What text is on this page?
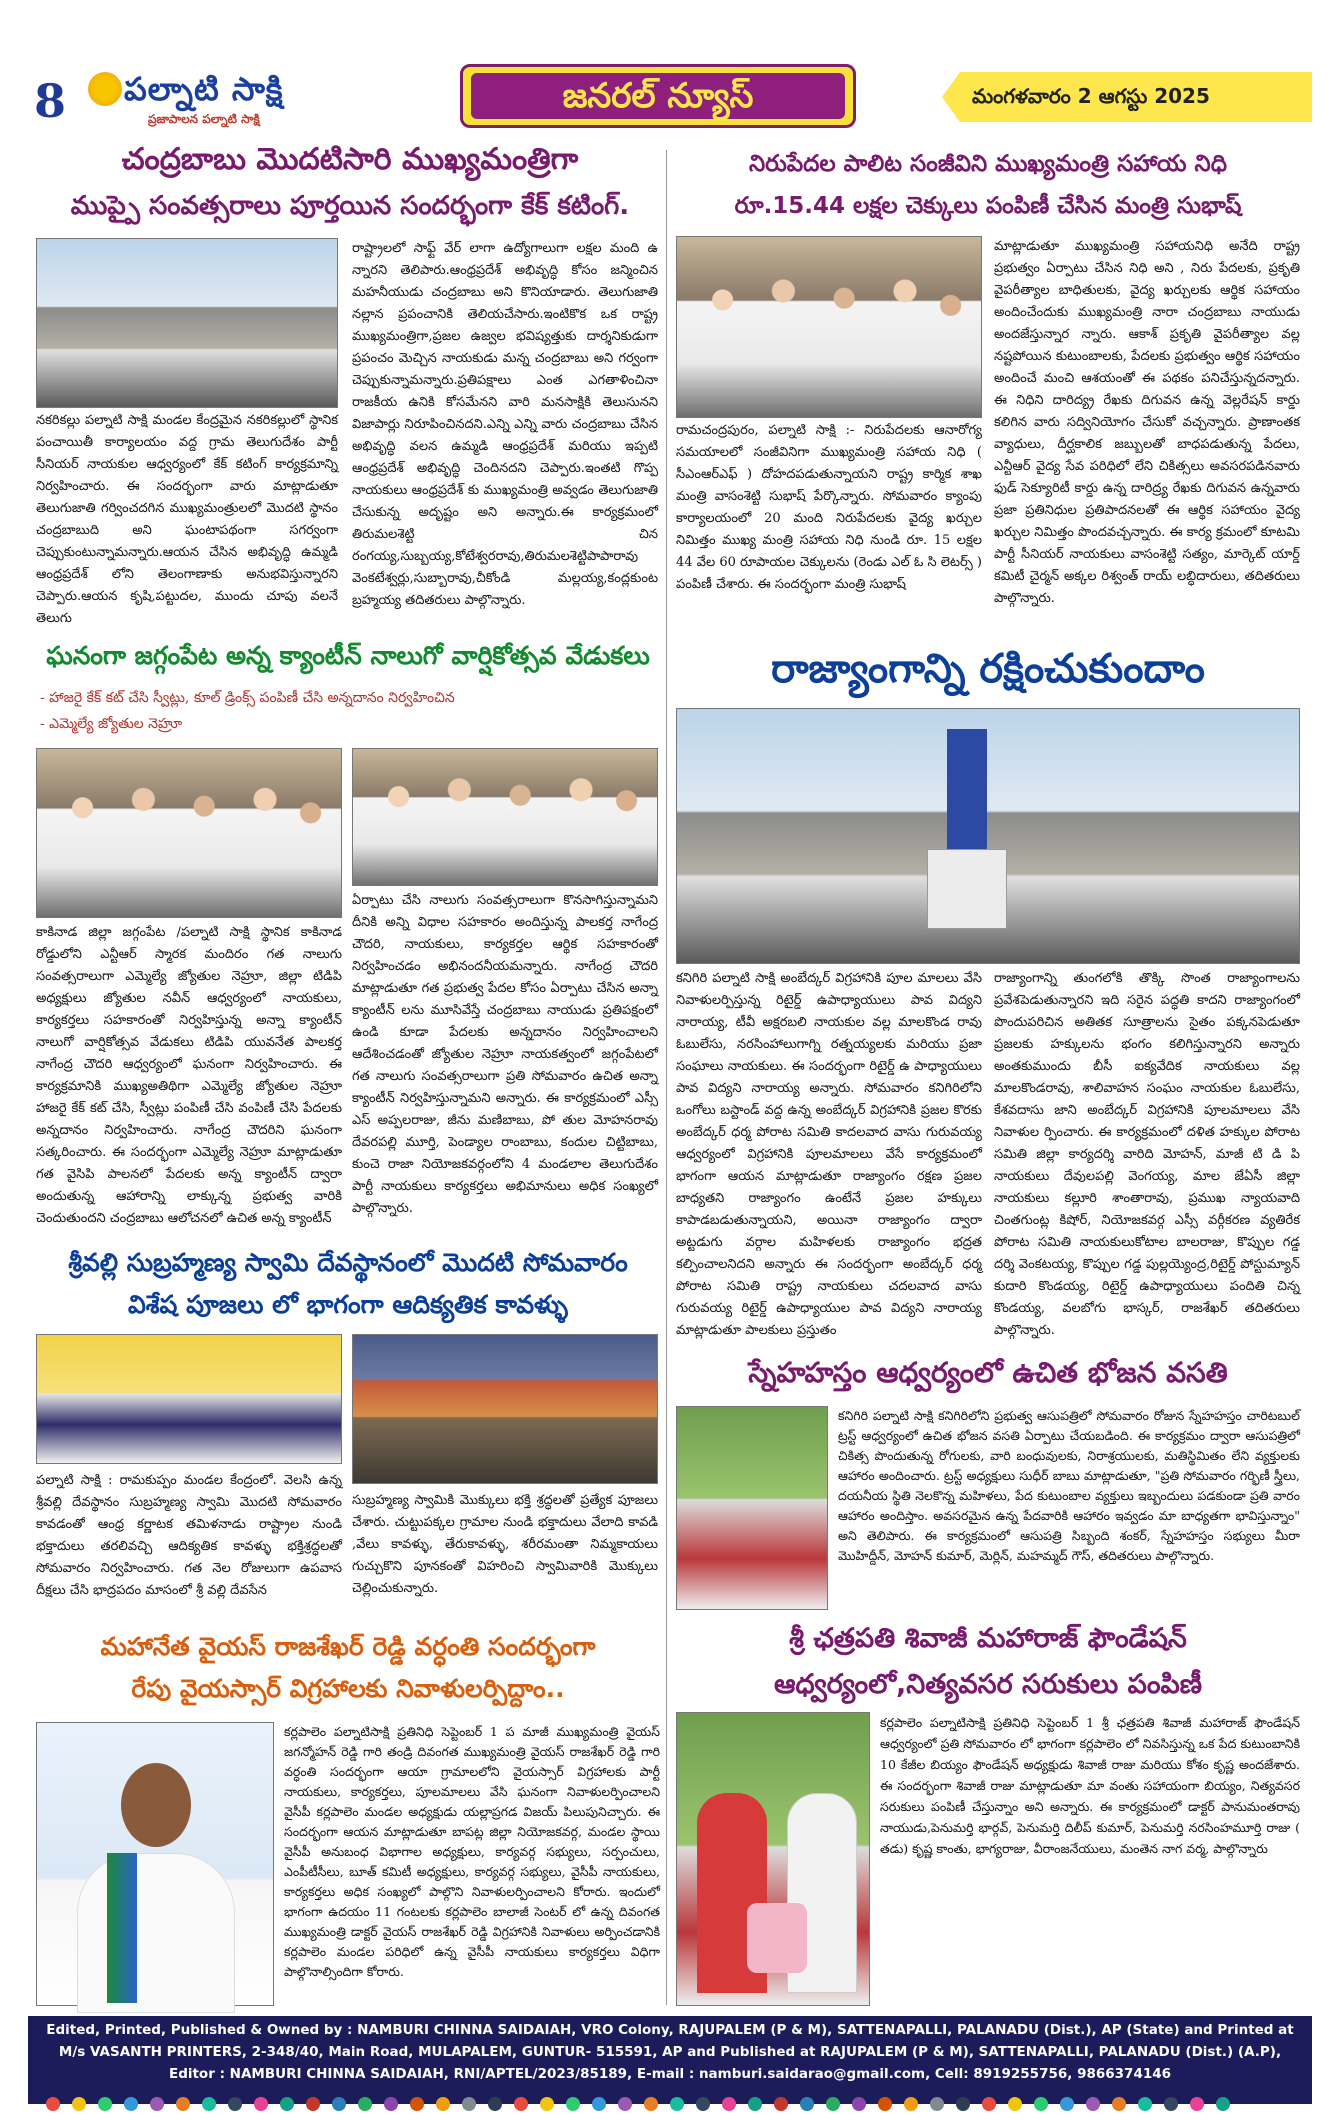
8 పల్నాటి సాక్షి
ప్రజాపాలన పల్నాటి సాక్షి
జనరల్ న్యూస్	మంగళవారం 2 ఆగస్టు 2025
చంద్రబాబు మొదటిసారి ముఖ్యమంత్రిగా
ముప్పై సంవత్సరాలు పూర్తయిన సందర్భంగా కేక్ కటింగ్.
నకరికల్లు పల్నాటి సాక్షి మండల కేంద్రమైన నకరికల్లులో స్థానిక పంచాయితీ కార్యాలయం వద్ద గ్రామ తెలుగుదేశం పార్టీ సీనియర్ నాయకుల ఆధ్వర్యంలో కేక్ కటింగ్ కార్యక్రమాన్ని నిర్వహించారు. ఈ సందర్భంగా వారు మాట్లాడుతూ తెలుగుజాతి గర్వించదగిన ముఖ్యమంత్రులలో మొదటి స్థానం చంద్రబాబుది అని ఘంటాపథంగా సగర్వంగా చెప్పుకుంటున్నామన్నారు.ఆయన చేసిన అభివృద్ధి ఉమ్మడి ఆంధ్రప్రదేశ్ లోని తెలంగాణాకు అనుభవిస్తున్నారని చెప్పారు.ఆయన కృషి,పట్టుదల, ముందు చూపు వలనే తెలుగు
రాష్ట్రాలలో సాఫ్ట్ వేర్ లాగా ఉద్యోగాలుగా లక్షల మంది ఉ న్నారని తెలిపారు.ఆంధ్రప్రదేశ్ అభివృద్ధి కోసం జన్మించిన మహనీయుడు చంద్రబాబు అని కొనియాడారు. తెలుగుజాతి నల్లాన ప్రపంచానికి తెలియచేసారు.ఇంటికొక ఒక రాష్ట్ర ముఖ్యమంత్రిగా,ప్రజల ఉజ్వల భవిష్యత్తుకు దార్శనికుడుగా ప్రపంచం మెచ్చిన నాయకుడు మన్న చంద్రబాబు అని గర్వంగా చెప్పుకున్నామన్నారు.ప్రతిపక్షాలు ఎంత ఎగతాళించినా రాజకీయ ఉనికి కోసమేనని వారి మనసాక్షికి తెలుసునని విజాపార్లు నిరూపించినదని.ఎన్ని ఎన్ని వారు చంద్రబాబు చేసిన అభివృద్ధి వలన ఉమ్మడి ఆంధ్రప్రదేశ్ మరియు ఇప్పటి ఆంధ్రప్రదేశ్ అభివృద్ధి చెందినదని చెప్పారు.ఇంతటి గొప్ప నాయకులు ఆంధ్రప్రదేశ్ కు ముఖ్యమంత్రి అవ్వడం తెలుగుజాతి చేసుకున్న అదృష్టం అని అన్నారు.ఈ కార్యక్రమంలో తిరుమలశెట్టి చిన రంగయ్య,సుబ్బయ్య,కోటేశ్వరరావు,తిరుమలశెట్టిపాపారావు వెంకటేశ్వర్లు,సుబ్బారావు,చీకోండి మల్లయ్య,కంద్లకుంట బ్రహ్మయ్య తదితరులు పాల్గొన్నారు.
ఘనంగా జగ్గంపేట అన్న క్యాంటీన్ నాలుగో వార్షికోత్సవ వేడుకలు
- హాజరై కేక్ కట్ చేసి స్వీట్లు, కూల్ డ్రింక్స్ పంపిణీ చేసి అన్నదానం నిర్వహించిన
- ఎమ్మెల్యే జ్యోతుల నెహ్రూ
కాకినాడ జిల్లా జగ్గంపేట /పల్నాటి సాక్షి స్థానిక కాకినాడ రోడ్డులోని ఎన్టీఆర్ స్మారక మందిరం గత నాలుగు సంవత్సరాలుగా ఎమ్మెల్యే జ్యోతుల నెహ్రూ, జిల్లా టిడిపి అధ్యక్షులు జ్యోతుల నవీన్ ఆధ్వర్యంలో నాయకులు, కార్యకర్తలు సహకారంతో నిర్వహిస్తున్న అన్నా క్యాంటీన్ నాలుగో వార్షికోత్సవ వేడుకలు టిడిపి యువనేత పాలకర్త నాగేంద్ర చౌదరి ఆధ్వర్యంలో ఘనంగా నిర్వహించారు. ఈ కార్యక్రమానికి ముఖ్యఅతిథిగా ఎమ్మెల్యే జ్యోతుల నెహ్రూ హాజరై కేక్ కట్ చేసి, స్వీట్లు పంపిణీ చేసి వంపిణీ చేసి పేదలకు అన్నదానం నిర్వహించారు. నాగేంద్ర చౌదరిని ఘనంగా సత్కరించారు. ఈ సందర్భంగా ఎమ్మెల్యే నెహ్రూ మాట్లాడుతూ గత వైసిపి పాలనలో పేదలకు అన్న క్యాంటీన్ ద్వారా అందుతున్న ఆహారాన్ని లాక్కున్న ప్రభుత్వ వారికి చెందుతుందని చంద్రబాబు ఆలోచనలో ఉచిత అన్న క్యాంటీన్
ఏర్పాటు చేసి నాలుగు సంవత్సరాలుగా కొనసాగిస్తున్నామని దీనికి అన్ని విధాల సహకారం అందిస్తున్న పాలకర్త నాగేంద్ర చౌదరి, నాయకులు, కార్యకర్తల ఆర్థిక సహకారంతో నిర్వహించడం అభినందనీయమన్నారు. నాగేంద్ర చౌదరి మాట్లాడుతూ గత ప్రభుత్వ పేదల కోసం ఏర్పాటు చేసిన అన్నా క్యాంటీన్ లను మూసివేస్తే చంద్రబాబు నాయుడు ప్రతిపక్షంలో ఉండి కూడా పేదలకు అన్నదానం నిర్వహించాలని ఆదేశించడంతో జ్యోతుల నెహ్రూ నాయకత్వంలో జగ్గంపేటలో గత నాలుగు సంవత్సరాలుగా ప్రతి సోమవారం ఉచిత అన్నా క్యాంటీన్ నిర్వహిస్తున్నామని అన్నారు. ఈ కార్యక్రమంలో ఎస్సీ ఎస్ అప్పలరాజు, జీను మణిబాబు, పో తుల మోహనరావు దేవరపల్లి మూర్తి, పెండ్యాల రాంబాబు, కందుల చిట్టిబాబు, కుంచె రాజా నియోజకవర్గంలోని 4 మండలాల తెలుగుదేశం పార్టీ నాయకులు కార్యకర్తలు అభిమానులు అధిక సంఖ్యలో పాల్గొన్నారు.
శ్రీవల్లి సుబ్రహ్మణ్య స్వామి దేవస్థానంలో మొదటి సోమవారం
విశేష పూజలు లో భాగంగా ఆదిక్యతిక కావళ్ళు
పల్నాటి సాక్షి : రామకుప్పం మండల కేంద్రంలో. వెలసి ఉన్న శ్రీవల్లి దేవస్థానం సుబ్రహ్మణ్య స్వామి మొదటి సోమవారం కావడంతో ఆంధ్ర కర్ణాటక తమిళనాడు రాష్ట్రాల నుండి భక్తాదులు తరలివచ్చి ఆదిక్యతిక కావళ్ళు భక్తిశ్రద్ధలతో సోమవారం నిర్వహించారు. గత నెల రోజులుగా ఉపవాస దీక్షలు చేసి భాద్రపదం మాసంలో శ్రీ వల్లి దేవసేన
సుబ్రహ్మణ్య స్వామికి మొక్కులు భక్తి శ్రద్ధలతో ప్రత్యేక పూజలు చేశారు. చుట్టుపక్కల గ్రామాల నుండి భక్తాదులు వేలాది కావడి ,వేలు కావళ్ళు, తేరుకావళ్ళు, శరీరమంతా నిమ్మకాయలు గుచ్చుకొని పూనకంతో విహరించి స్వామివారికి మొక్కులు చెల్లించుకున్నారు.
మహానేత వైయస్ రాజశేఖర్ రెడ్డి వర్ధంతి సందర్భంగా
రేపు వైయస్సార్ విగ్రహాలకు నివాళులర్పిద్దాం..
కర్లపాలెం పల్నాటిసాక్షి ప్రతినిధి సెప్టెంబర్ 1 ప మాజీ ముఖ్యమంత్రి వైయస్ జగన్మోహన్ రెడ్డి గారి తండ్రి దివంగత ముఖ్యమంత్రి వైయస్ రాజశేఖర్ రెడ్డి గారి వర్ధంతి సందర్భంగా ఆయా గ్రామాలలోని వైయస్సార్ విగ్రహాలకు పార్టీ నాయకులు, కార్యకర్తలు, పూలమాలలు వేసి ఘనంగా నివాళులర్పించాలని వైసీపీ కర్లపాలెం మండల అధ్యక్షుడు యల్లాప్రగడ విజయ్ పిలుపునిచ్చారు. ఈ సందర్భంగా ఆయన మాట్లాడుతూ బాపట్ల జిల్లా నియోజకవర్గ, మండల స్థాయి వైసీపీ అనుబంధ విభాగాల అధ్యక్షులు, కార్యవర్గ సభ్యులు, సర్పంచులు, ఎంపీటీసీలు, బూత్ కమిటీ అధ్యక్షులు, కార్యవర్గ సభ్యులు, వైసీపీ నాయకులు, కార్యకర్తలు అధిక సంఖ్యలో పాల్గొని నివాళులర్పించాలని కోరారు. ఇందులో భాగంగా ఉదయం 11 గంటలకు కర్లపాలెం బాలాజీ సెంటర్ లో ఉన్న దివంగత ముఖ్యమంత్రి డాక్టర్ వైయస్ రాజశేఖర్ రెడ్డి విగ్రహానికి నివాళులు అర్పించడానికి కర్లపాలెం మండల పరిధిలో ఉన్న వైసీపీ నాయకులు కార్యకర్తలు విధిగా పాల్గొనాల్సిందిగా కోరారు.
నిరుపేదల పాలిట సంజీవిని ముఖ్యమంత్రి సహాయ నిధి
రూ.15.44 లక్షల చెక్కులు పంపిణీ చేసిన మంత్రి సుభాష్
రామచంద్రపురం, పల్నాటి సాక్షి :- నిరుపేదలకు ఆనారోగ్య సమయాలలో సంజీవినిగా ముఖ్యమంత్రి సహాయ నిధి ( సీఎంఆర్ఎఫ్ ) దోహదపడుతున్నాయని రాష్ట్ర కార్మిక శాఖ మంత్రి వాసంశెట్టి సుభాష్ పేర్కొన్నారు. సోమవారం క్యాంపు కార్యాలయంలో 20 మంది నిరుపేదలకు వైద్య ఖర్చుల నిమిత్తం ముఖ్య మంత్రి సహాయ నిధి నుండి రూ. 15 లక్షల 44 వేల 60 రూపాయల చెక్కులను (రెండు ఎల్ ఓ సి లెటర్స్ ) పంపిణీ చేశారు. ఈ సందర్భంగా మంత్రి సుభాష్
మాట్లాడుతూ ముఖ్యమంత్రి సహాయనిధి అనేది రాష్ట్ర ప్రభుత్వం ఏర్పాటు చేసిన నిధి అని , నిరు పేదలకు, ప్రకృతి వైపరీత్యాల బాధితులకు, వైద్య ఖర్చులకు ఆర్థిక సహాయం అందించేందుకు ముఖ్యమంత్రి నారా చంద్రబాబు నాయుడు అందజేస్తున్నార న్నారు. ఆకాశ్ ప్రకృతి వైపరీత్యాల వల్ల నష్టపోయిన కుటుంబాలకు, పేదలకు ప్రభుత్వం ఆర్థిక సహాయం అందించే మంచి ఆశయంతో ఈ పథకం పనిచేస్తున్నదన్నారు. ఈ నిధిని దారిద్య్ర రేఖకు దిగువన ఉన్న వెల్లరేషన్ కార్డు కలిగిన వారు సద్వినియోగం చేసుకో వచ్చన్నారు. ప్రాణాంతక వ్యాధులు, దీర్ఘకాలిక జబ్బులతో బాధపడుతున్న పేదలు, ఎన్టీఆర్ వైద్య సేవ పరిధిలో లేని చికిత్సలు అవసరపడినవారు ఫుడ్ సెక్యూరిటీ కార్డు ఉన్న దారిద్ర్య రేఖకు దిగువన ఉన్నవారు ప్రజా ప్రతినిధుల ప్రతిపాదనలతో ఈ ఆర్థిక సహాయం వైద్య ఖర్చుల నిమిత్తం పొందవచ్చన్నారు. ఈ కార్య క్రమంలో కూటమి పార్టీ సీనియర్ నాయకులు వాసంశెట్టి సత్యం, మార్కెట్ యార్డ్ కమిటీ చైర్మన్ అక్కల రిశ్వంత్ రాయ్ లబ్ధిదారులు, తదితరులు పాల్గొన్నారు.
రాజ్యాంగాన్ని రక్షించుకుందాం
కనిగిరి పల్నాటి సాక్షి అంబేద్కర్ విగ్రహానికి పూల మాలలు వేసి నివాళులర్పిస్తున్న రిటైర్డ్ ఉపాధ్యాయులు పావ విద్యని నారాయ్య, టీవీ అక్షరబలి నాయకుల వల్ల మాలకొండ రావు ఓబులేసు, నరసింహాలుగాగ్ని రత్నయ్యలకు మరియు ప్రజా సంఘాలు నాయకులు. ఈ సందర్భంగా రిటైర్డ్ ఉ పాధ్యాయులు పావ విద్యని నారాయ్య అన్నారు. సోమవారం కనిగిరిలోని ఒంగోలు బస్టాండ్ వద్ద ఉన్న అంబేద్కర్ విగ్రహానికి ప్రజల కొరకు అంబేద్కర్ ధర్మ పోరాట సమితి కాదలవాద వాసు గురువయ్య ఆధ్వర్యంలో విగ్రహానికి పూలమాలలు వేసే కార్యక్రమంలో భాగంగా ఆయన మాట్లాడుతూ రాజ్యాంగం రక్షణ ప్రజల బాధ్యతని రాజ్యాంగం ఉంటేనే ప్రజల హక్కులు కాపాడబడుతున్నాయని, అయినా రాజ్యాంగం ద్వారా అట్టడుగు వర్గాల మహిళలకు రాజ్యాంగం భద్రత కల్పించాలనిదని అన్నారు ఈ సందర్భంగా అంబేద్కర్ ధర్మ పోరాట సమితి రాష్ట్ర నాయకులు చదలవాద వాసు గురువయ్య రిటైర్డ్ ఉపాధ్యాయుల పావ విద్యని నారాయ్య మాట్లాడుతూ పాలకులు ప్రస్తుతం
రాజ్యాంగాన్ని తుంగలోకి తొక్కి సొంత రాజ్యాంగాలను ప్రవేశపెడుతున్నారని ఇది సరైన పద్ధతి కాదని రాజ్యాంగంలో పొందుపరిచిన అతితక సూత్రాలను సైతం పక్కనపెడుతూ ప్రజలకు హక్కులను భంగం కలిగిస్తున్నారని అన్నారు అంతకుముందు బీసీ ఐక్యవేదిక నాయకులు వల్ల మాలకొండరావు, శాలివాహన సంఘం నాయకుల ఓబులేసు, కేశవదాసు జాని అంబేద్కర్ విగ్రహానికి పూలమాలలు వేసి నివాళుల ర్పించారు. ఈ కార్యక్రమంలో దళిత హక్కుల పోరాట సమితి జిల్లా కార్యదర్శి వారిది మోహన్, మాజీ టి డి పి నాయకులు దేవులపల్లి వెంగయ్య, మాల జేఏసీ జిల్లా నాయకులు కల్లూరి శాంతారావు, ప్రముఖ న్యాయవాది చింతగుంట్ల కిషోర్, నియోజకవర్గ ఎస్సీ వర్గీకరణ వ్యతిరేక పోరాట సమితి నాయకులుకోటాల బాలరాజు, కొప్పుల గడ్డ దర్శి వెంకటయ్య, కొప్పుల గడ్డ పుల్లయ్యెంద్ర,రిటైర్డ్ పోస్టుమ్యాన్ కుదారి కొండయ్య, రిటైర్డ్ ఉపాధ్యాయులు పందితి చిన్న కొండయ్య, వలబోగు భాస్కర్, రాజశేఖర్ తదితరులు పాల్గొన్నారు.
స్నేహహస్తం ఆధ్వర్యంలో ఉచిత భోజన వసతి
కనిగిరి పల్నాటి సాక్షి కనిగిరిలోని ప్రభుత్వ ఆసుపత్రిలో సోమవారం రోజున స్నేహహస్తం చారిటబుల్ ట్రస్ట్ ఆధ్వర్యంలో ఉచిత భోజన వసతి ఏర్పాటు చేయబడింది. ఈ కార్యక్రమం ద్వారా ఆసుపత్రిలో చికిత్స పొందుతున్న రోగులకు, వారి బంధువులకు, నిరాశ్రయులకు, మతిస్థిమితం లేని వ్యక్తులకు ఆహారం అందించారు. ట్రస్ట్ అధ్యక్షులు సుధీర్ బాబు మాట్లాడుతూ, "ప్రతి సోమవారం గర్భిణీ స్త్రీలు, దయనీయ స్థితి నెలకొన్న మహిళలు, పేద కుటుంబాల వ్యక్తులు ఇబ్బందులు పడకుండా ప్రతి వారం ఆహారం అందిస్తాం. అవసరమైన ఉన్న పేదవారికి ఆహారం ఇవ్వడం మా బాధ్యతగా భావిస్తున్నాం" అని తెలిపారు. ఈ కార్యక్రమంలో ఆసుపత్రి సిబ్బంది శంకర్, స్నేహహస్తం సభ్యులు మీరా మొహిద్దీన్, మోహన్ కుమార్, మెర్లిన్, మహమ్మద్ గౌస్, తదితరులు పాల్గొన్నారు.
శ్రీ ఛత్రపతి శివాజీ మహారాజ్ ఫౌండేషన్
ఆధ్వర్యంలో,నిత్యవసర సరుకులు పంపిణీ
కర్లపాలెం పల్నాటిసాక్షి ప్రతినిధి సెప్టెంబర్ 1 శ్రీ ఛత్రపతి శివాజీ మహారాజ్ ఫౌండేషన్ ఆధ్వర్యంలో ప్రతి సోమవారం లో భాగంగా కర్లపాలెం లో నివసిస్తున్న ఒక పేద కుటుంబానికి 10 కేజీల బియ్యం ఫౌండేషన్ అధ్యక్షుడు శివాజీ రాజు మరియు కోశం కృష్ణ అందజేశారు. ఈ సందర్భంగా శివాజీ రాజు మాట్లాడుతూ మా వంతు సహాయంగా బియ్యం, నిత్యవసర సరుకులు పంపిణీ చేస్తున్నాం అని అన్నారు. ఈ కార్యక్రమంలో డాక్టర్ పానుమంతరావు నాయుడు,పెనుమర్తి భార్గవ్, పెనుమర్తి దిలీప్ కుమార్, పెనుమర్తి నరసింహమూర్తి రాజు ( తడు) కృష్ణ కాంతు, భాగ్యరాజు, వీరాంజనేయులు, మంతెన నాగ వర్మ, పాల్గొన్నారు
Edited, Printed, Published & Owned by : NAMBURI CHINNA SAIDAIAH, VRO Colony, RAJUPALEM (P & M), SATTENAPALLI, PALANADU (Dist.), AP (State) and Printed at
M/s VASANTH PRINTERS, 2-348/40, Main Road, MULAPALEM, GUNTUR- 515591, AP and Published at RAJUPALEM (P & M), SATTENAPALLI, PALANADU (Dist.) (A.P),
Editor : NAMBURI CHINNA SAIDAIAH, RNI/APTEL/2023/85189, E-mail : namburi.saidarao@gmail.com, Cell: 8919255756, 9866374146
